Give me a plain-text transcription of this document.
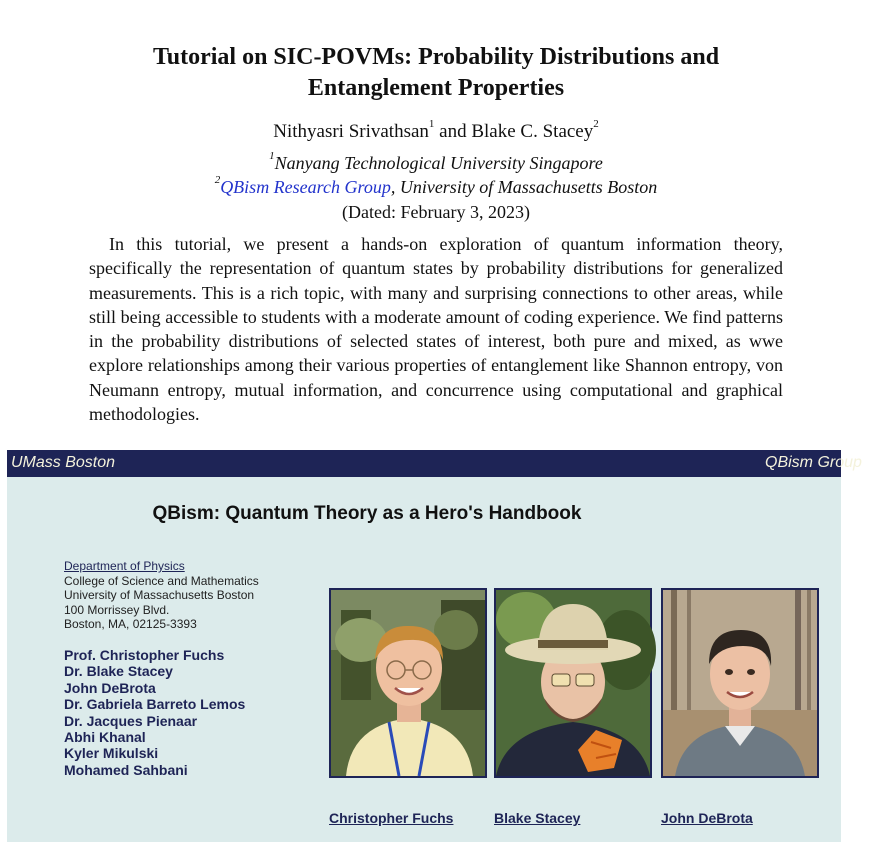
Tutorial on SIC-POVMs: Probability Distributions and
Entanglement Properties
Nithyasri Srivathsan$^1$ and Blake C. Stacey$^2$
$^1$Nanyang Technological University Singapore
$^2$QBism Research Group, University of Massachusetts Boston
(Dated: February 3, 2023)
In this tutorial, we present a hands-on exploration of quantum information theory, specifically the representation of quantum states by probability distributions for generalized measurements. This is a rich topic, with many and surprising connections to other areas, while still being accessible to students with a moderate amount of coding experience. We find patterns in the probability distributions of selected states of interest, both pure and mixed, as wwe explore relationships among their various properties of entanglement like Shannon entropy, von Neumann entropy, mutual information, and concurrence using computational and graphical methodologies.
UMass Boston	QBism Group
QBism: Quantum Theory as a Hero's Handbook
Department of Physics
College of Science and Mathematics
University of Massachusetts Boston
100 Morrissey Blvd.
Boston, MA, 02125-3393
Prof. Christopher Fuchs
Dr. Blake Stacey
John DeBrota
Dr. Gabriela Barreto Lemos
Dr. Jacques Pienaar
Abhi Khanal
Kyler Mikulski
Mohamed Sahbani
Christopher Fuchs	Blake Stacey	John DeBrota
